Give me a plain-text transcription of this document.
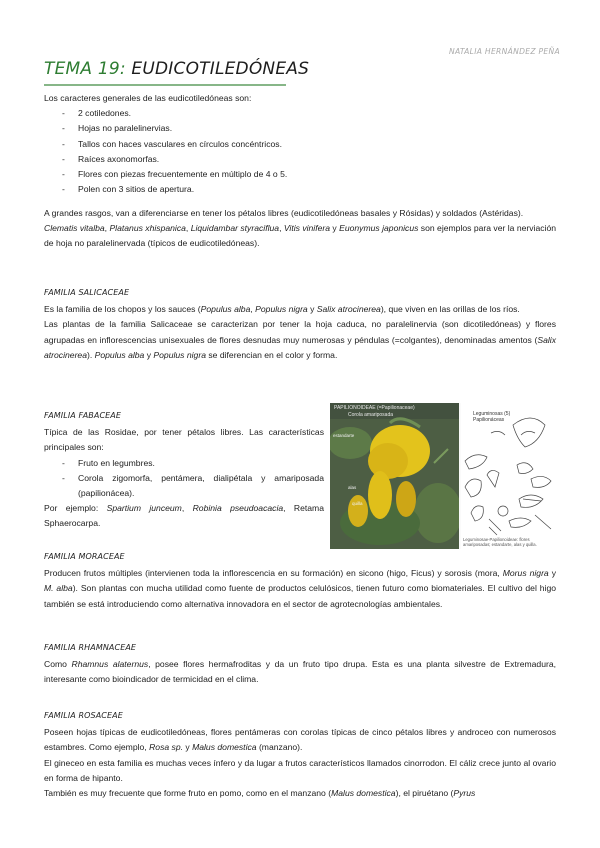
NATALIA HERNÁNDEZ PEÑA
TEMA 19: EUDICOTILEDÓNEAS

Los caracteres generales de las eudicotiledóneas son:

- 2 cotiledones.
- Hojas no paralelinervias.
- Tallos con haces vasculares en círculos concéntricos.
- Raíces axonomorfas.
- Flores con piezas frecuentemente en múltiplo de 4 o 5.
- Polen con 3 sitios de apertura.

A grandes rasgos, van a diferenciarse en tener los pétalos libres (eudicotiledóneas basales y Rósidas) y soldados (Astéridas).

Clematis vitalba, Platanus xhispanica, Liquidambar styraciflua, Vitis vinifera y Euonymus japonicus son ejemplos para ver la nerviación de hoja no paralelinervada (típicos de eudicotiledóneas).

FAMILIA SALICACEAE

Es la familia de los chopos y los sauces (Populus alba, Populus nigra y Salix atrocinerea), que viven en las orillas de los ríos.

Las plantas de la familia Salicaceae se caracterizan por tener la hoja caduca, no paralelinervia (son dicotiledóneas) y flores agrupadas en inflorescencias unisexuales de flores desnudas muy numerosas y péndulas (=colgantes), denominadas amentos (Salix atrocinerea). Populus alba y Populus nigra se diferencian en el color y forma.

FAMILIA FABACEAE

Típica de las Rosidae, por tener pétalos libres. Las características principales son:

- Fruto en legumbres.
- Corola zigomorfa, pentámera, dialipétala y amariposada (papilionácea).

Por ejemplo: Spartium junceum, Robinia pseudoacacia, Retama Sphaerocarpa.

PAPILIONOIDEAE (=Papilionaceae)
Corola amariposada
estandarte
alas
quilla
Leguminosas (5)
Papilionáceas
Leguminosae-Papilionoideae: flores amariposadas; estandarte, alas y quilla.
FAMILIA MORACEAE

Producen frutos múltiples (intervienen toda la inflorescencia en su formación) en sicono (higo, Ficus) y sorosis (mora, Morus nigra y M. alba). Son plantas con mucha utilidad como fuente de productos celulósicos, tienen futuro como biomateriales. El cultivo del higo también se está introduciendo como alternativa innovadora en el sector de agrotecnologías ambientales.

FAMILIA RHAMNACEAE

Como Rhamnus alaternus, posee flores hermafroditas y da un fruto tipo drupa. Esta es una planta silvestre de Extremadura, interesante como bioindicador de termicidad en el clima.

FAMILIA ROSACEAE

Poseen hojas típicas de eudicotiledóneas, flores pentámeras con corolas típicas de cinco pétalos libres y androceo con numerosos estambres. Como ejemplo, Rosa sp. y Malus domestica (manzano).

El gineceo en esta familia es muchas veces ínfero y da lugar a frutos característicos llamados cinorrodon. El cáliz crece junto al ovario en forma de hipanto.

También es muy frecuente que forme fruto en pomo, como en el manzano (Malus domestica), el piruétano (Pyrus
